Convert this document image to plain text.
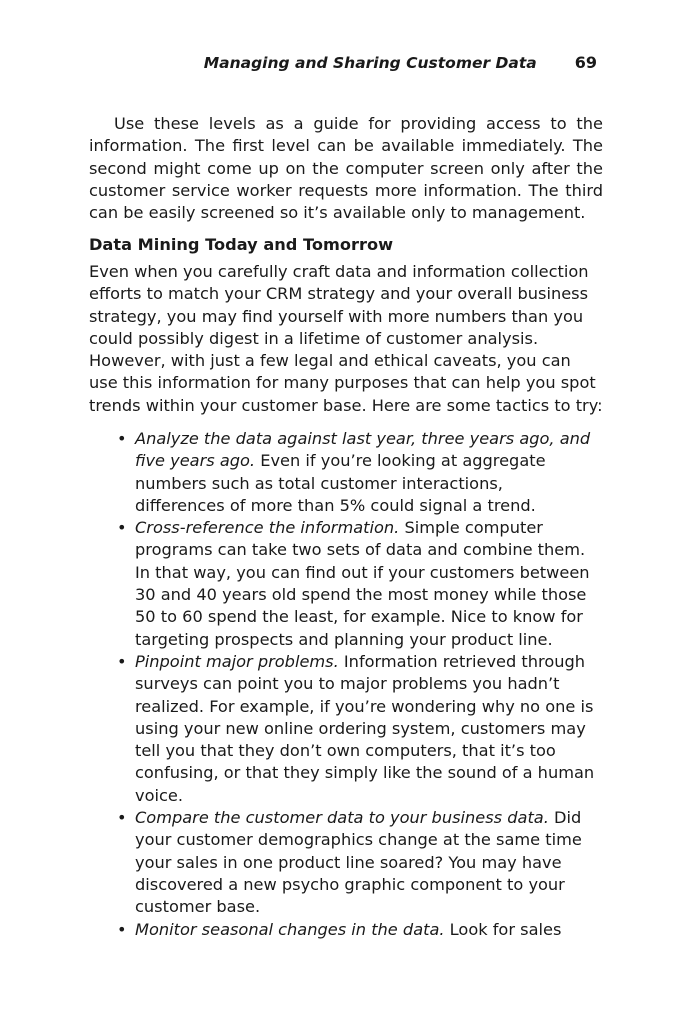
Managing and Sharing Customer Data 69

Use these levels as a guide for providing access to the information. The first level can be available immediately. The second might come up on the computer screen only after the customer service worker requests more information. The third can be easily screened so it’s available only to management.

Data Mining Today and Tomorrow

Even when you carefully craft data and information collection efforts to match your CRM strategy and your overall business strategy, you may find yourself with more numbers than you could possibly digest in a lifetime of customer analysis. However, with just a few legal and ethical caveats, you can use this information for many purposes that can help you spot trends within your customer base. Here are some tactics to try:

• Analyze the data against last year, three years ago, and five years ago. Even if you’re looking at aggregate numbers such as total customer interactions, differences of more than 5% could signal a trend.
• Cross-reference the information. Simple computer programs can take two sets of data and combine them. In that way, you can find out if your customers between 30 and 40 years old spend the most money while those 50 to 60 spend the least, for example. Nice to know for targeting prospects and planning your product line.
• Pinpoint major problems. Information retrieved through surveys can point you to major problems you hadn’t realized. For example, if you’re wondering why no one is using your new online ordering system, customers may tell you that they don’t own computers, that it’s too confusing, or that they simply like the sound of a human voice.
• Compare the customer data to your business data. Did your customer demographics change at the same time your sales in one product line soared? You may have discovered a new psycho graphic component to your customer base.
• Monitor seasonal changes in the data. Look for sales
